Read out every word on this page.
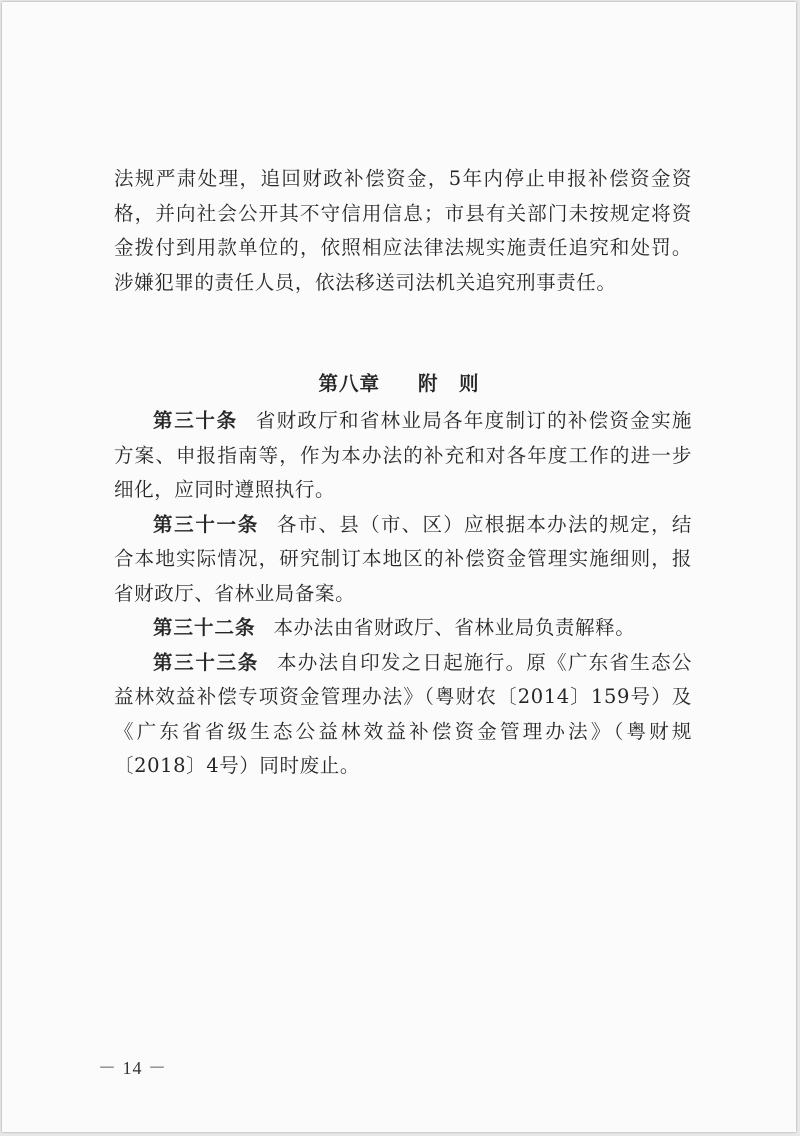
法规严肃处理，追回财政补偿资金，5年内停止申报补偿资金资格，并向社会公开其不守信用信息；市县有关部门未按规定将资金拨付到用款单位的，依照相应法律法规实施责任追究和处罚。涉嫌犯罪的责任人员，依法移送司法机关追究刑事责任。

第八章 附　则

第三十条 省财政厅和省林业局各年度制订的补偿资金实施方案、申报指南等，作为本办法的补充和对各年度工作的进一步细化，应同时遵照执行。

第三十一条 各市、县（市、区）应根据本办法的规定，结合本地实际情况，研究制订本地区的补偿资金管理实施细则，报省财政厅、省林业局备案。

第三十二条 本办法由省财政厅、省林业局负责解释。

第三十三条 本办法自印发之日起施行。原《广东省生态公益林效益补偿专项资金管理办法》（粤财农〔2014〕159号）及《广东省省级生态公益林效益补偿资金管理办法》（粤财规〔2018〕4号）同时废止。

－ 14 －
